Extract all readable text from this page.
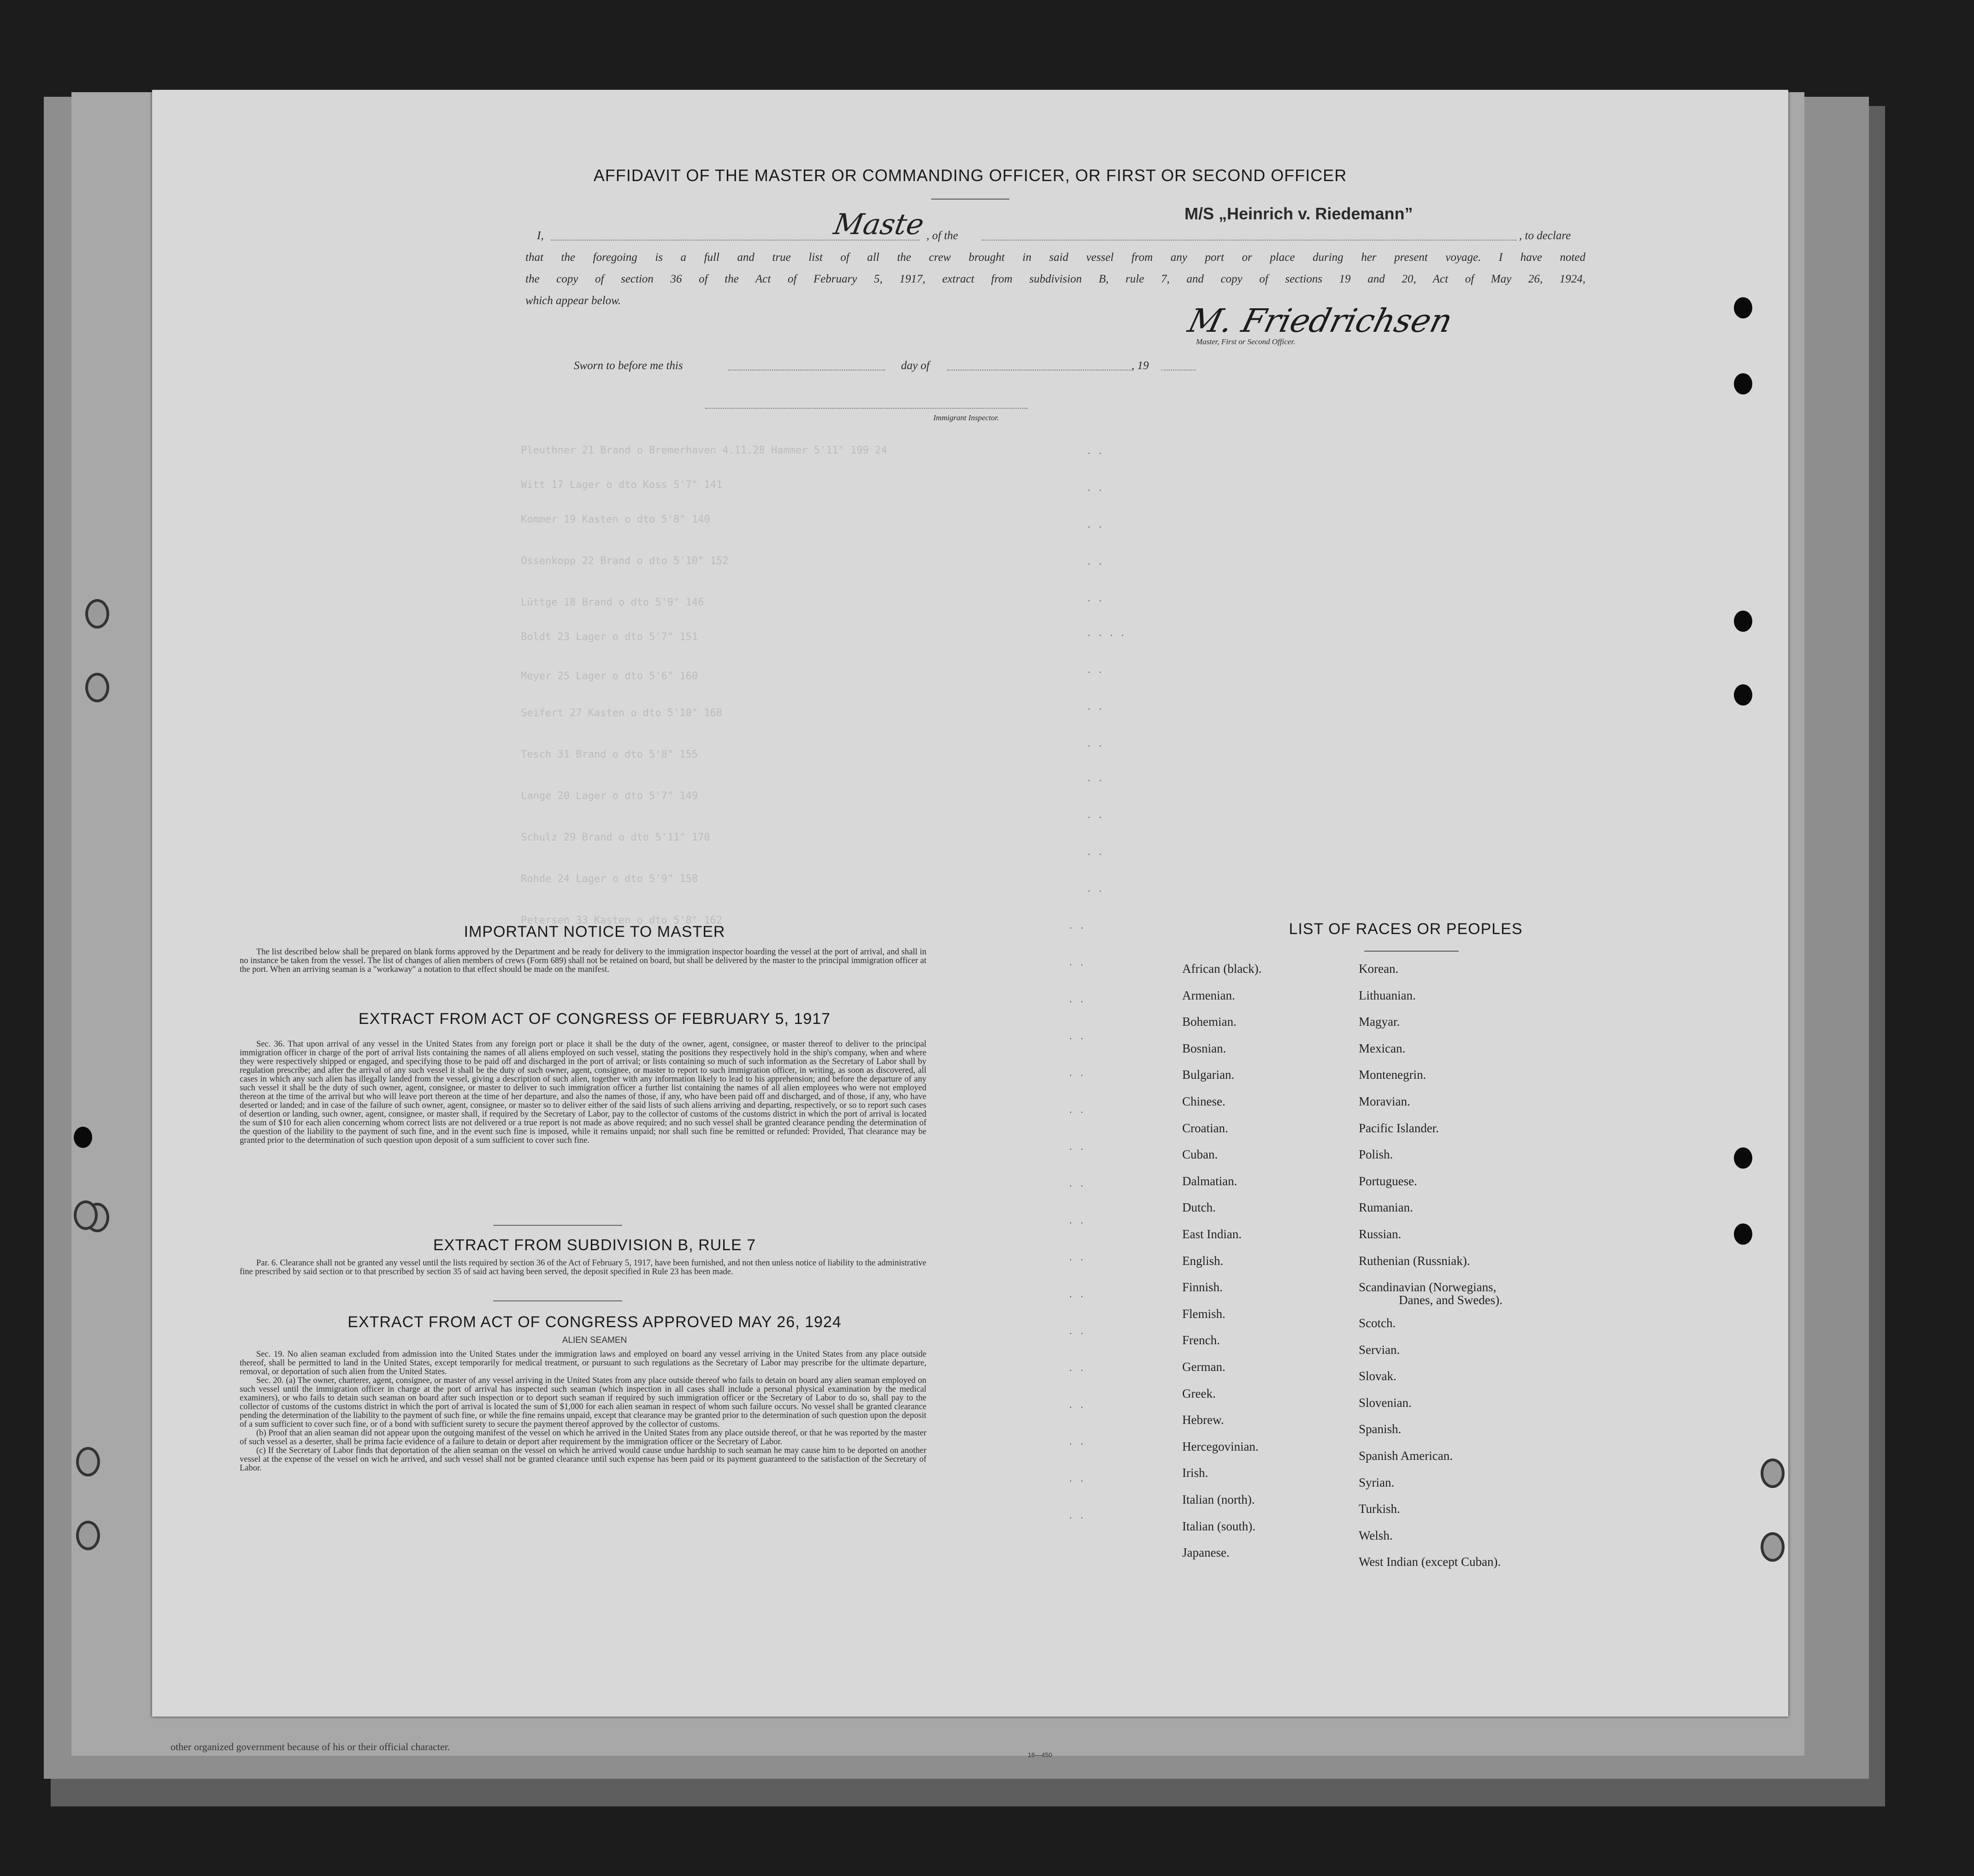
other organized government because of his or their official character.
16—450
Pleuthner 21 Brand o Bremerhaven 4.11.28 Hammer 5'11" 199 24
Witt 17 Lager o dto Koss 5'7" 141
Kommer 19 Kasten o dto 5'8" 140
Ossenkopp 22 Brand o dto 5'10" 152
Lüttge 18 Brand o dto 5'9" 146
Boldt 23 Lager o dto 5'7" 151
Meyer 25 Lager o dto 5'6" 160
Seifert 27 Kasten o dto 5'10" 168
Tesch 31 Brand o dto 5'8" 155
Lange 20 Lager o dto 5'7" 149
Schulz 29 Brand o dto 5'11" 170
Rohde 24 Lager o dto 5'9" 158
Petersen 33 Kasten o dto 5'8" 162
AFFIDAVIT OF THE MASTER OR COMMANDING OFFICER, OR FIRST OR SECOND OFFICER
I,	Maste , of the
M/S „Heinrich v. Riedemann”
, to declare
that the foregoing is a full and true list of all the crew brought in said vessel from any port or place during her present voyage. I have noted
the copy of section 36 of the Act of February 5, 1917, extract from subdivision B, rule 7, and copy of sections 19 and 20, Act of May 26, 1924,
which appear below.
M. Friedrichsen
Master, First or Second Officer.
Sworn to before me this	day of	, 19
Immigrant Inspector.
. .
. .
. .
. .
. .
. . . .
. .
. .
. .
. .
. .
. .
. .
. .
. .
. .
. .
. .
. .
. .
. .
. .
. .
. .
. .
. .
. .
. .
. .
. .
IMPORTANT NOTICE TO MASTER

The list described below shall be prepared on blank forms approved by the Department and be ready for delivery to the immigration inspector boarding the vessel at the port of arrival, and shall in no instance be taken from the vessel. The list of changes of alien members of crews (Form 689) shall not be retained on board, but shall be delivered by the master to the principal immigration officer at the port. When an arriving seaman is a "workaway" a notation to that effect should be made on the manifest.

EXTRACT FROM ACT OF CONGRESS OF FEBRUARY 5, 1917

Sec. 36. That upon arrival of any vessel in the United States from any foreign port or place it shall be the duty of the owner, agent, consignee, or master thereof to deliver to the principal immigration officer in charge of the port of arrival lists containing the names of all aliens employed on such vessel, stating the positions they respectively hold in the ship's company, when and where they were respectively shipped or engaged, and specifying those to be paid off and discharged in the port of arrival; or lists containing so much of such information as the Secretary of Labor shall by regulation prescribe; and after the arrival of any such vessel it shall be the duty of such owner, agent, consignee, or master to report to such immigration officer, in writing, as soon as discovered, all cases in which any such alien has illegally landed from the vessel, giving a description of such alien, together with any information likely to lead to his apprehension; and before the departure of any such vessel it shall be the duty of such owner, agent, consignee, or master to deliver to such immigration officer a further list containing the names of all alien employees who were not employed thereon at the time of the arrival but who will leave port thereon at the time of her departure, and also the names of those, if any, who have been paid off and discharged, and of those, if any, who have deserted or landed; and in case of the failure of such owner, agent, consignee, or master so to deliver either of the said lists of such aliens arriving and departing, respectively, or so to report such cases of desertion or landing, such owner, agent, consignee, or master shall, if required by the Secretary of Labor, pay to the collector of customs of the customs district in which the port of arrival is located the sum of $10 for each alien concerning whom correct lists are not delivered or a true report is not made as above required; and no such vessel shall be granted clearance pending the determination of the question of the liability to the payment of such fine, and in the event such fine is imposed, while it remains unpaid; nor shall such fine be remitted or refunded: Provided, That clearance may be granted prior to the determination of such question upon deposit of a sum sufficient to cover such fine.

EXTRACT FROM SUBDIVISION B, RULE 7

Par. 6. Clearance shall not be granted any vessel until the lists required by section 36 of the Act of February 5, 1917, have been furnished, and not then unless notice of liability to the administrative fine prescribed by said section or to that prescribed by section 35 of said act having been served, the deposit specified in Rule 23 has been made.

EXTRACT FROM ACT OF CONGRESS APPROVED MAY 26, 1924
ALIEN SEAMEN

Sec. 19. No alien seaman excluded from admission into the United States under the immigration laws and employed on board any vessel arriving in the United States from any place outside thereof, shall be permitted to land in the United States, except temporarily for medical treatment, or pursuant to such regulations as the Secretary of Labor may prescribe for the ultimate departure, removal, or deportation of such alien from the United States.

Sec. 20. (a) The owner, charterer, agent, consignee, or master of any vessel arriving in the United States from any place outside thereof who fails to detain on board any alien seaman employed on such vessel until the immigration officer in charge at the port of arrival has inspected such seaman (which inspection in all cases shall include a personal physical examination by the medical examiners), or who fails to detain such seaman on board after such inspection or to deport such seaman if required by such immigration officer or the Secretary of Labor to do so, shall pay to the collector of customs of the customs district in which the port of arrival is located the sum of $1,000 for each alien seaman in respect of whom such failure occurs. No vessel shall be granted clearance pending the determination of the liability to the payment of such fine, or while the fine remains unpaid, except that clearance may be granted prior to the determination of such question upon the deposit of a sum sufficient to cover such fine, or of a bond with sufficient surety to secure the payment thereof approved by the collector of customs.

(b) Proof that an alien seaman did not appear upon the outgoing manifest of the vessel on which he arrived in the United States from any place outside thereof, or that he was reported by the master of such vessel as a deserter, shall be prima facie evidence of a failure to detain or deport after requirement by the immigration officer or the Secretary of Labor.

(c) If the Secretary of Labor finds that deportation of the alien seaman on the vessel on which he arrived would cause undue hardship to such seaman he may cause him to be deported on another vessel at the expense of the vessel on wich he arrived, and such vessel shall not be granted clearance until such expense has been paid or its payment guaranteed to the satisfaction of the Secretary of Labor.

LIST OF RACES OR PEOPLES
African (black).
Armenian.
Bohemian.
Bosnian.
Bulgarian.
Chinese.
Croatian.
Cuban.
Dalmatian.
Dutch.
East Indian.
English.
Finnish.
Flemish.
French.
German.
Greek.
Hebrew.
Hercegovinian.
Irish.
Italian (north).
Italian (south).
Japanese.
Korean.
Lithuanian.
Magyar.
Mexican.
Montenegrin.
Moravian.
Pacific Islander.
Polish.
Portuguese.
Rumanian.
Russian.
Ruthenian (Russniak).
Scandinavian (Norwegians,
Danes, and Swedes).
Scotch.
Servian.
Slovak.
Slovenian.
Spanish.
Spanish American.
Syrian.
Turkish.
Welsh.
West Indian (except Cuban).
